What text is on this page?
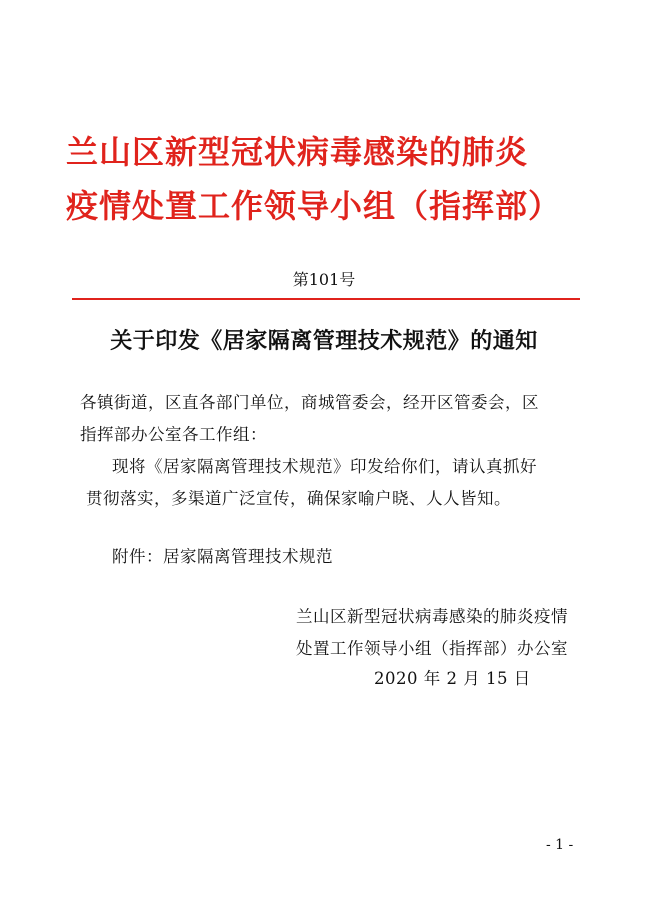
兰山区新型冠状病毒感染的肺炎
疫情处置工作领导小组（指挥部）
第101号
关于印发《居家隔离管理技术规范》的通知
各镇街道，区直各部门单位，商城管委会，经开区管委会，区
指挥部办公室各工作组：
现将《居家隔离管理技术规范》印发给你们，请认真抓好
贯彻落实，多渠道广泛宣传，确保家喻户晓、人人皆知。
附件：居家隔离管理技术规范
兰山区新型冠状病毒感染的肺炎疫情
处置工作领导小组（指挥部）办公室
2020 年 2 月 15 日
- 1 -
